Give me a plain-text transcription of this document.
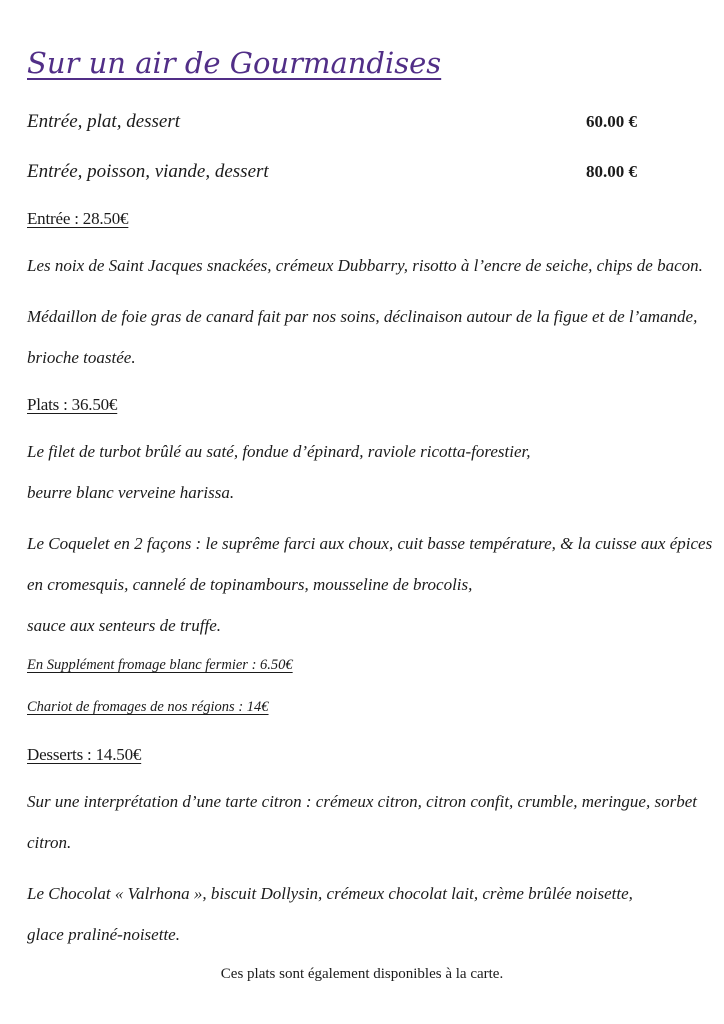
Sur un air de Gourmandises
Entrée, plat, dessert	60.00 €
Entrée, poisson, viande, dessert	80.00 €
Entrée : 28.50€
Les noix de Saint Jacques snackées, crémeux Dubbarry, risotto à l’encre de seiche, chips de bacon.
Médaillon de foie gras de canard fait par nos soins, déclinaison autour de la figue et de l’amande,
brioche toastée.
Plats : 36.50€
Le filet de turbot brûlé au saté, fondue d’épinard, raviole ricotta-forestier,
beurre blanc verveine harissa.
Le Coquelet en 2 façons : le suprême farci aux choux, cuit basse température, & la cuisse aux épices
en cromesquis, cannelé de topinambours, mousseline de brocolis,
sauce aux senteurs de truffe.
En Supplément fromage blanc fermier : 6.50€
Chariot de fromages de nos régions : 14€
Desserts : 14.50€
Sur une interprétation d’une tarte citron : crémeux citron, citron confit, crumble, meringue, sorbet
citron.
Le Chocolat « Valrhona », biscuit Dollysin, crémeux chocolat lait, crème brûlée noisette,
glace praliné-noisette.
Ces plats sont également disponibles à la carte.
